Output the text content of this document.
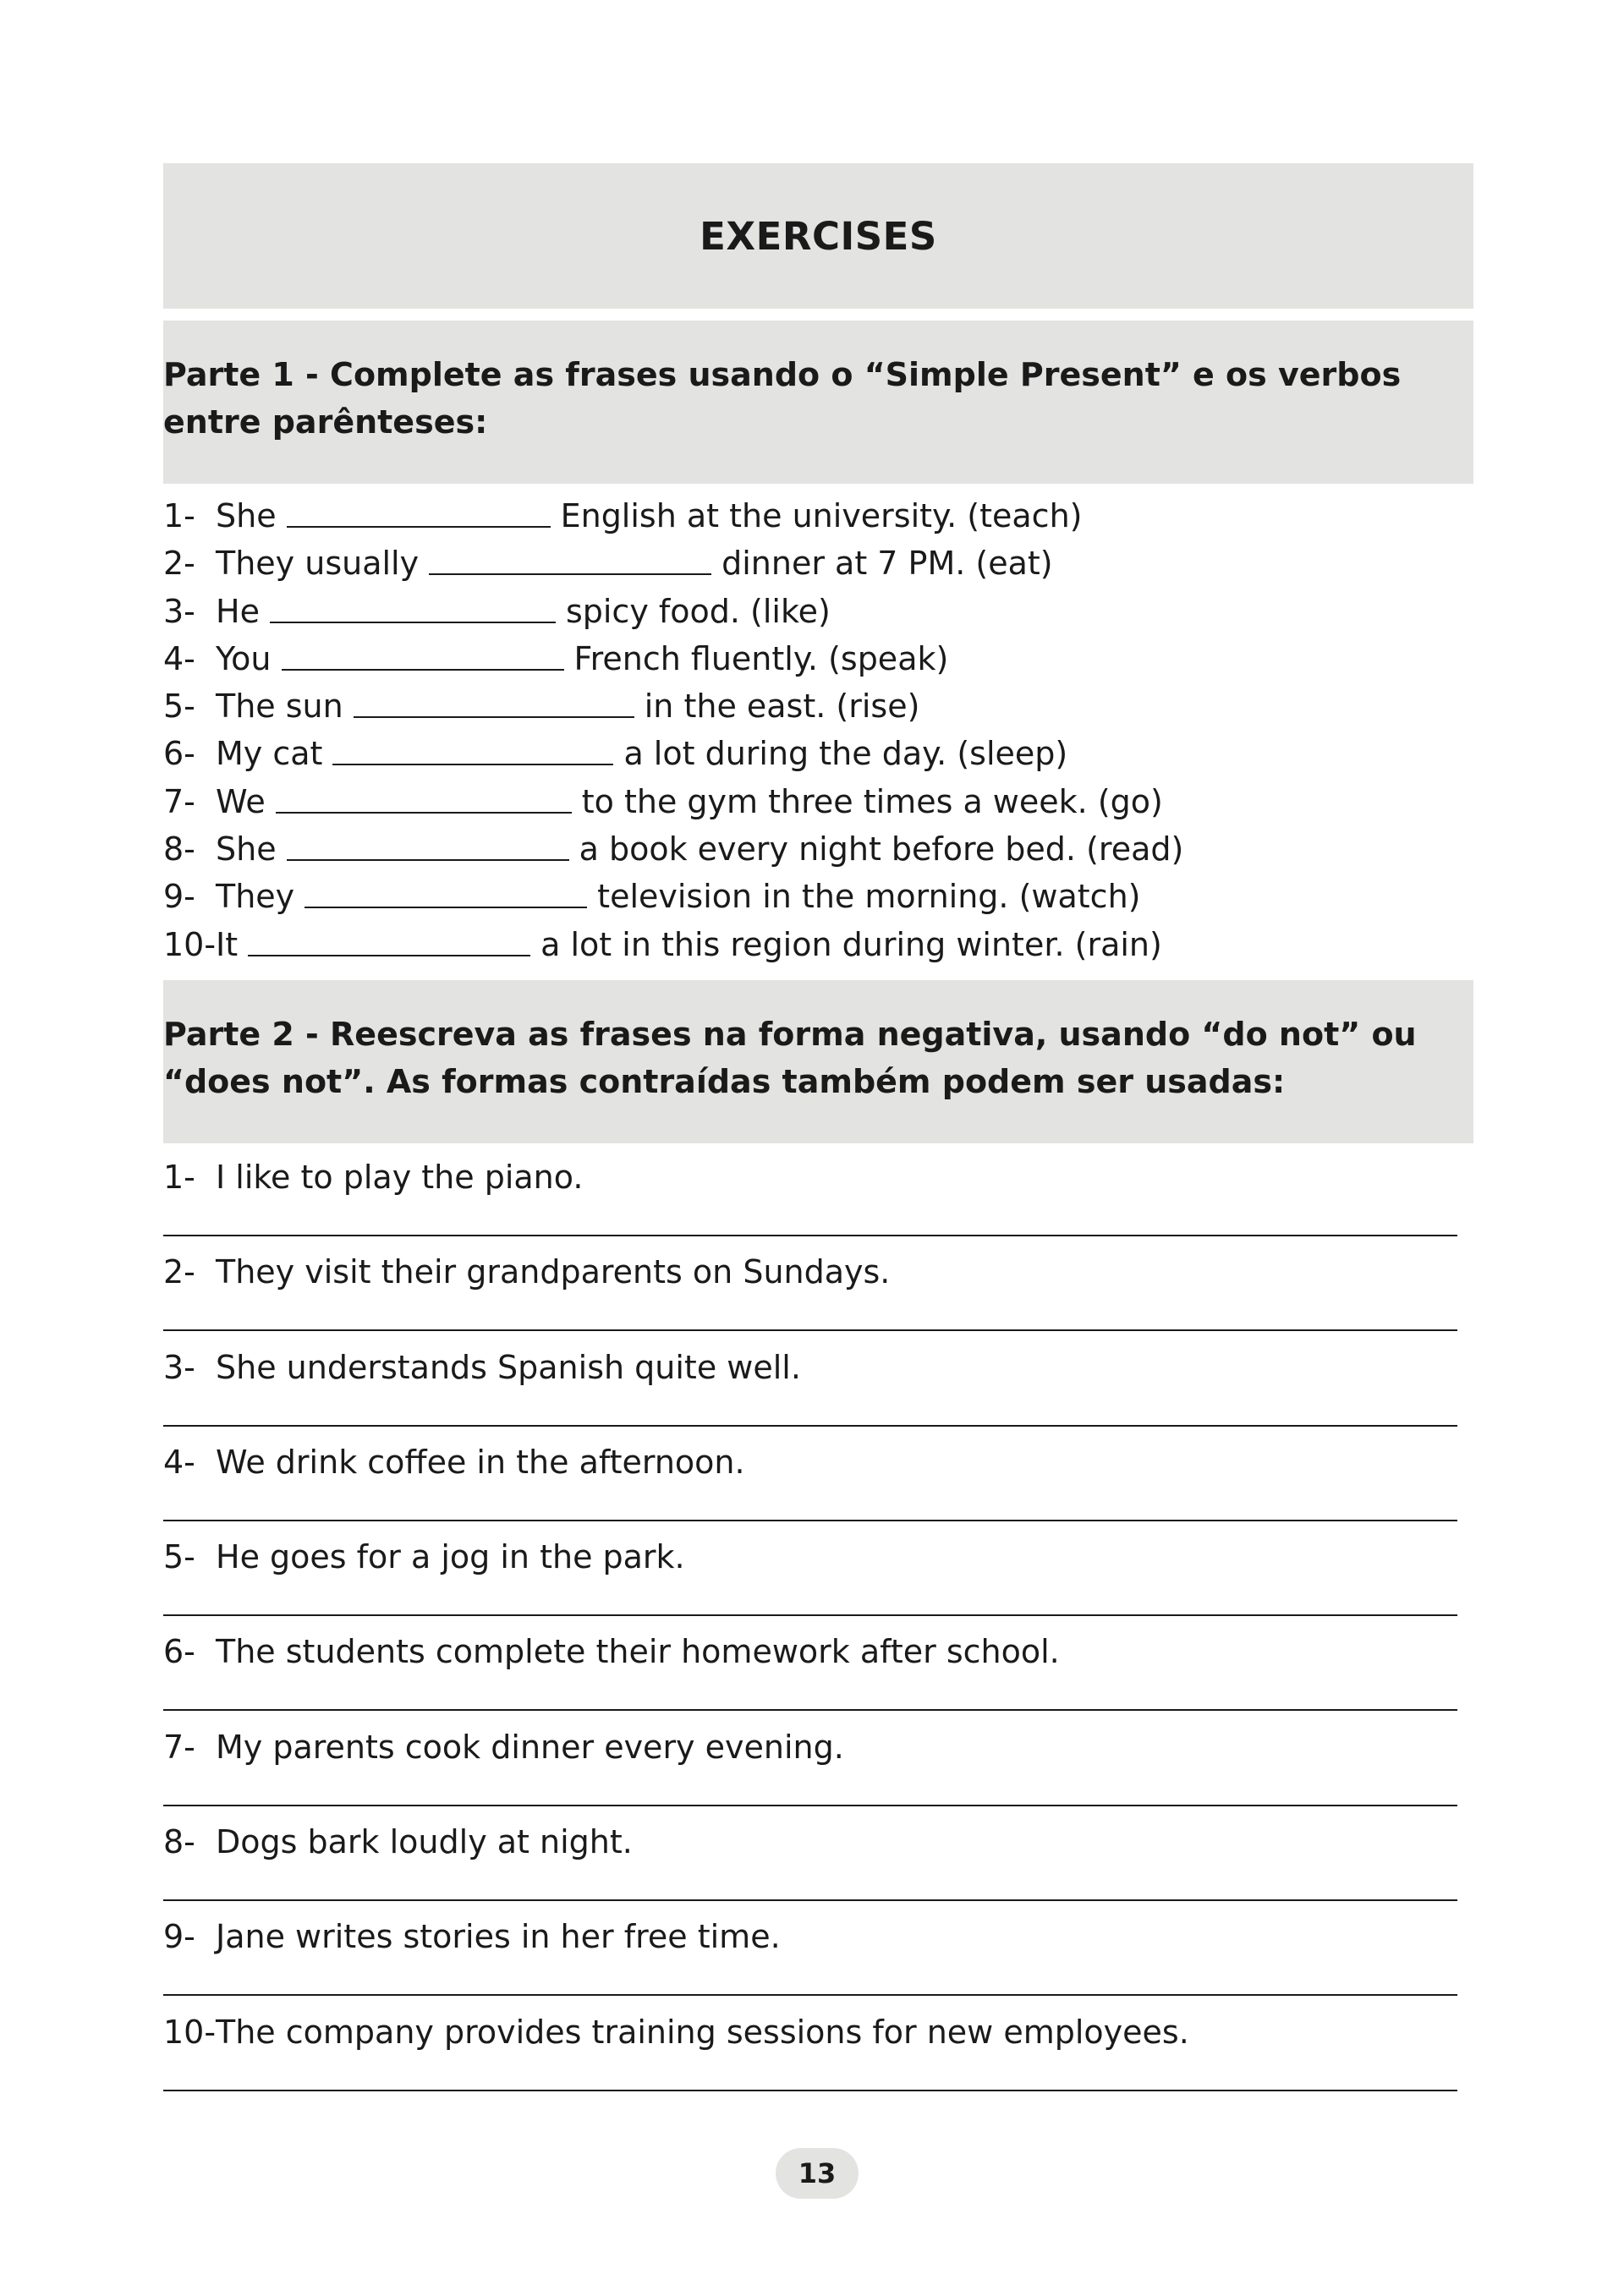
EXERCISES
Parte 1 - Complete as frases usando o “Simple Present” e os verbos entre parênteses:
1- She	English at the university. (teach)
2- They usually	dinner at 7 PM. (eat)
3- He	spicy food. (like)
4- You	French fluently. (speak)
5- The sun	in the east. (rise)
6- My cat	a lot during the day. (sleep)
7- We	to the gym three times a week. (go)
8- She	a book every night before bed. (read)
9- They	television in the morning. (watch)
10- It	a lot in this region during winter. (rain)
Parte 2 - Reescreva as frases na forma negativa, usando “do not” ou “does not”. As formas contraídas também podem ser usadas:
1- I like to play the piano.
2- They visit their grandparents on Sundays.
3- She understands Spanish quite well.
4- We drink coffee in the afternoon.
5- He goes for a jog in the park.
6- The students complete their homework after school.
7- My parents cook dinner every evening.
8- Dogs bark loudly at night.
9- Jane writes stories in her free time.
10- The company provides training sessions for new employees.
13
